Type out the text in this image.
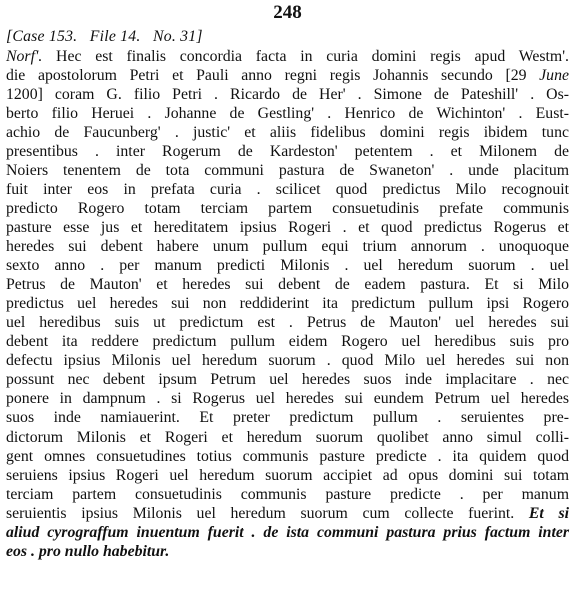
248
[Case 153. File 14. No. 31]
Norf'. Hec est finalis concordia facta in curia domini regis apud Westm'.
die apostolorum Petri et Pauli anno regni regis Johannis secundo [29 June
1200] coram G. filio Petri . Ricardo de Her' . Simone de Pateshill' . Os-
berto filio Heruei . Johanne de Gestling' . Henrico de Wichinton' . Eust-
achio de Faucunberg' . justic' et aliis fidelibus domini regis ibidem tunc
presentibus . inter Rogerum de Kardeston' petentem . et Milonem de
Noiers tenentem de tota communi pastura de Swaneton' . unde placitum
fuit inter eos in prefata curia . scilicet quod predictus Milo recognouit
predicto Rogero totam terciam partem consuetudinis prefate communis
pasture esse jus et hereditatem ipsius Rogeri . et quod predictus Rogerus et
heredes sui debent habere unum pullum equi trium annorum . unoquoque
sexto anno . per manum predicti Milonis . uel heredum suorum . uel
Petrus de Mauton' et heredes sui debent de eadem pastura. Et si Milo
predictus uel heredes sui non reddiderint ita predictum pullum ipsi Rogero
uel heredibus suis ut predictum est . Petrus de Mauton' uel heredes sui
debent ita reddere predictum pullum eidem Rogero uel heredibus suis pro
defectu ipsius Milonis uel heredum suorum . quod Milo uel heredes sui non
possunt nec debent ipsum Petrum uel heredes suos inde implacitare . nec
ponere in dampnum . si Rogerus uel heredes sui eundem Petrum uel heredes
suos inde namiauerint. Et preter predictum pullum . seruientes pre-
dictorum Milonis et Rogeri et heredum suorum quolibet anno simul colli-
gent omnes consuetudines totius communis pasture predicte . ita quidem quod
seruiens ipsius Rogeri uel heredum suorum accipiet ad opus domini sui totam
terciam partem consuetudinis communis pasture predicte . per manum
seruientis ipsius Milonis uel heredum suorum cum collecte fuerint. Et si
aliud cyrograffum inuentum fuerit . de ista communi pastura prius factum inter
eos . pro nullo habebitur.
